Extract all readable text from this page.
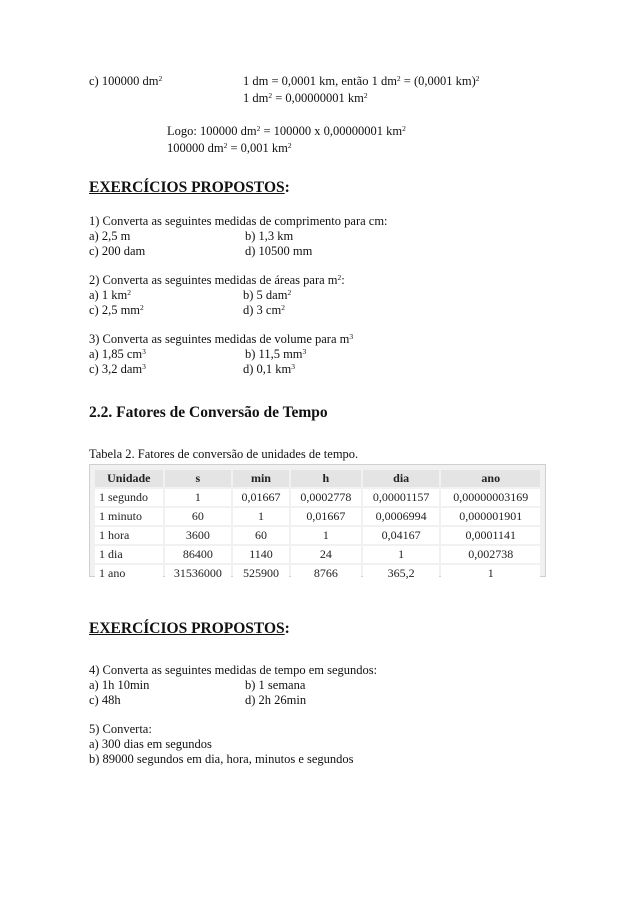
c) 100000 $dm^2$	1 dm = 0,0001 km, então 1 $dm^2 = (0,0001$ km)$^2$
1 $dm^2 = 0,00000001$ $km^2$
Logo: 100000 $dm^2 = 100000$ x 0,00000001 $km^2$
100000 $dm^2 = 0,001$ $km^2$
EXERCÍCIOS PROPOSTOS:
1) Converta as seguintes medidas de comprimento para cm:
a) 2,5 m	b) 1,3 km
c) 200 dam	d) 10500 mm
2) Converta as seguintes medidas de áreas para $m^2$:
a) 1 $km^2$	b) 5 dam$^2$
c) 2,5 $mm^2$	d) 3 $cm^2$
3) Converta as seguintes medidas de volume para $m^3$
a) 1,85 $cm^3$	b) 11,5 $mm^3$
c) 3,2 dam$^3$	d) 0,1 $km^3$
2.2. Fatores de Conversão de Tempo
Tabela 2. Fatores de conversão de unidades de tempo.
Unidade	s	min	h	dia	ano
1 segundo	1	0,01667	0,0002778	0,00001157	0,00000003169
1 minuto	60	1	0,01667	0,0006994	0,000001901
1 hora	3600	60	1	0,04167	0,0001141
1 dia	86400	1140	24	1	0,002738
1 ano	31536000	525900	8766	365,2	1
EXERCÍCIOS PROPOSTOS:
4) Converta as seguintes medidas de tempo em segundos:
a) 1h 10min	b) 1 semana
c) 48h	d) 2h 26min
5) Converta:
a) 300 dias em segundos
b) 89000 segundos em dia, hora, minutos e segundos
